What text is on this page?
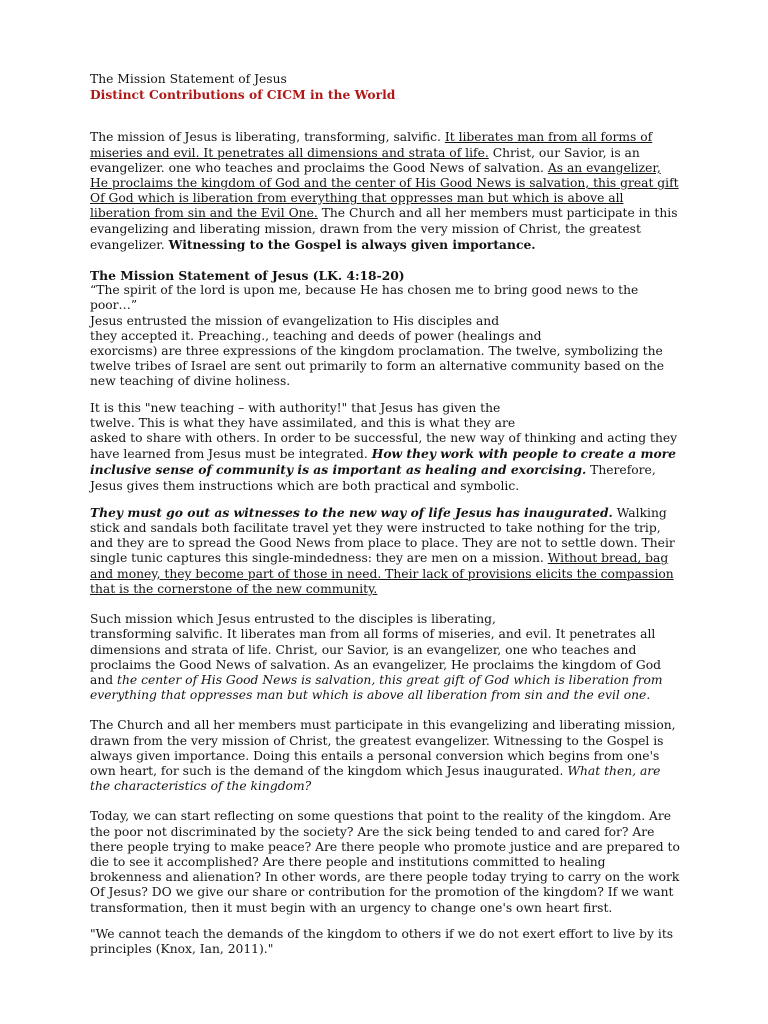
The Mission Statement of Jesus

Distinct Contributions of CICM in the World

The mission of Jesus is liberating, transforming, salvific. It liberates man from all forms of miseries and evil. It penetrates all dimensions and strata of life. Christ, our Savior, is an evangelizer. one who teaches and proclaims the Good News of salvation. As an evangelizer, He proclaims the kingdom of God and the center of His Good News is salvation, this great gift Of God which is liberation from everything that oppresses man but which is above all liberation from sin and the Evil One. The Church and all her members must participate in this evangelizing and liberating mission, drawn from the very mission of Christ, the greatest evangelizer. Witnessing to the Gospel is always given importance.

The Mission Statement of Jesus (LK. 4:18-20)
“The spirit of the lord is upon me, because He has chosen me to bring good news to the poor…”
Jesus entrusted the mission of evangelization to His disciples and
they accepted it. Preaching., teaching and deeds of power (healings and
exorcisms) are three expressions of the kingdom proclamation. The twelve, symbolizing the twelve tribes of Israel are sent out primarily to form an alternative community based on the new teaching of divine holiness.

It is this "new teaching – with authority!" that Jesus has given the
twelve. This is what they have assimilated, and this is what they are
asked to share with others. In order to be successful, the new way of thinking and acting they have learned from Jesus must be integrated. How they work with people to create a more inclusive sense of community is as important as healing and exorcising. Therefore, Jesus gives them instructions which are both practical and symbolic.

They must go out as witnesses to the new way of life Jesus has inaugurated. Walking stick and sandals both facilitate travel yet they were instructed to take nothing for the trip, and they are to spread the Good News from place to place. They are not to settle down. Their single tunic captures this single-mindedness: they are men on a mission. Without bread, bag and money, they become part of those in need. Their lack of provisions elicits the compassion that is the cornerstone of the new community.

Such mission which Jesus entrusted to the disciples is liberating,
transforming salvific. It liberates man from all forms of miseries, and evil. It penetrates all dimensions and strata of life. Christ, our Savior, is an evangelizer, one who teaches and proclaims the Good News of salvation. As an evangelizer, He proclaims the kingdom of God and the center of His Good News is salvation, this great gift of God which is liberation from everything that oppresses man but which is above all liberation from sin and the evil one.

The Church and all her members must participate in this evangelizing and liberating mission, drawn from the very mission of Christ, the greatest evangelizer. Witnessing to the Gospel is always given importance. Doing this entails a personal conversion which begins from one's own heart, for such is the demand of the kingdom which Jesus inaugurated. What then, are the characteristics of the kingdom?

Today, we can start reflecting on some questions that point to the reality of the kingdom. Are the poor not discriminated by the society? Are the sick being tended to and cared for? Are there people trying to make peace? Are there people who promote justice and are prepared to die to see it accomplished? Are there people and institutions committed to healing brokenness and alienation? In other words, are there people today trying to carry on the work Of Jesus? DO we give our share or contribution for the promotion of the kingdom? If we want transformation, then it must begin with an urgency to change one's own heart first.

"We cannot teach the demands of the kingdom to others if we do not exert effort to live by its principles (Knox, Ian, 2011)."
